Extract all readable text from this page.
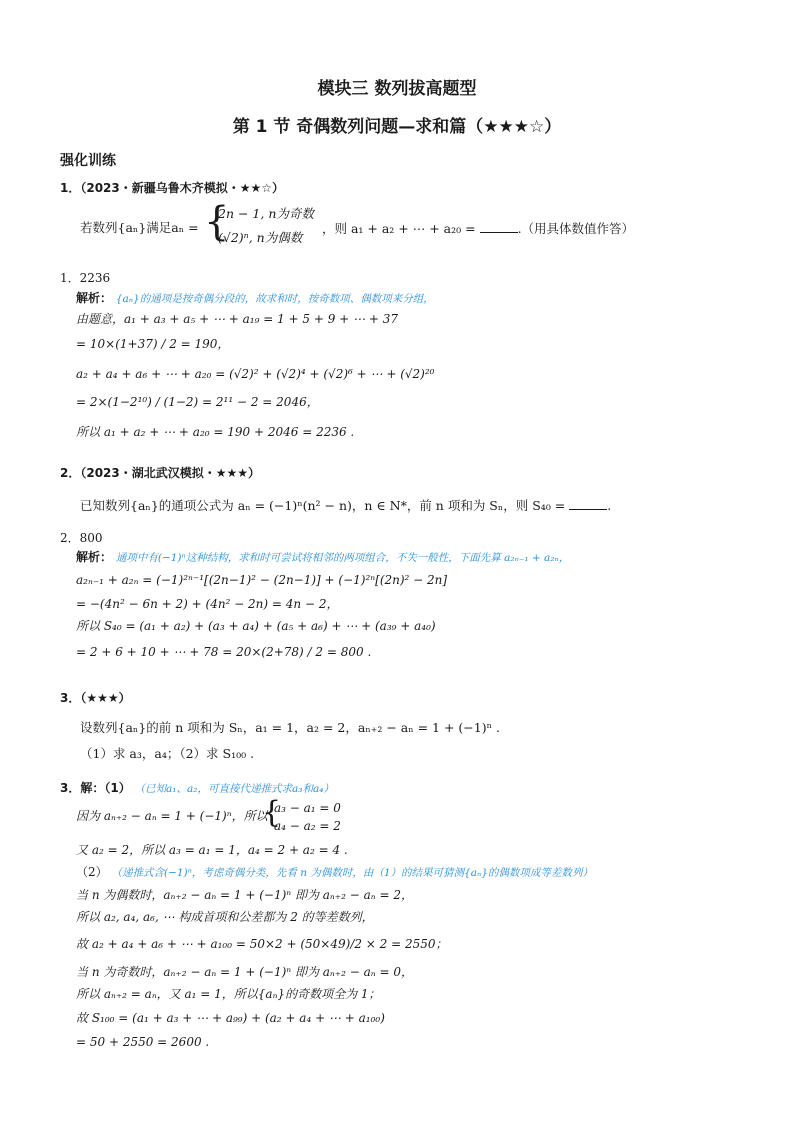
模块三 数列拔高题型
第 1 节 奇偶数列问题—求和篇（★★★☆）
强化训练
1．（2023・新疆乌鲁木齐模拟・★★☆）
若数列{aₙ}满足aₙ = {
2n − 1, n为奇数
(√2)ⁿ, n为偶数
，则 a₁ + a₂ + ⋯ + a₂₀ =	.（用具体数值作答）
1．2236
解析： {aₙ}的通项是按奇偶分段的，故求和时，按奇数项、偶数项来分组，
由题意，a₁ + a₃ + a₅ + ⋯ + a₁₉ = 1 + 5 + 9 + ⋯ + 37
= 10×(1+37) / 2 = 190，
a₂ + a₄ + a₆ + ⋯ + a₂₀ = (√2)² + (√2)⁴ + (√2)⁶ + ⋯ + (√2)²⁰
= 2×(1−2¹⁰) / (1−2) = 2¹¹ − 2 = 2046，
所以 a₁ + a₂ + ⋯ + a₂₀ = 190 + 2046 = 2236 .
2．（2023・湖北武汉模拟・★★★）
已知数列{aₙ}的通项公式为 aₙ = (−1)ⁿ(n² − n)，n ∈ N*，前 n 项和为 Sₙ，则 S₄₀ =	.
2．800
解析： 通项中有(−1)ⁿ这种结构，求和时可尝试将相邻的两项组合，不失一般性，下面先算 a₂ₙ₋₁ + a₂ₙ，
a₂ₙ₋₁ + a₂ₙ = (−1)²ⁿ⁻¹[(2n−1)² − (2n−1)] + (−1)²ⁿ[(2n)² − 2n]
= −(4n² − 6n + 2) + (4n² − 2n) = 4n − 2，
所以 S₄₀ = (a₁ + a₂) + (a₃ + a₄) + (a₅ + a₆) + ⋯ + (a₃₉ + a₄₀)
= 2 + 6 + 10 + ⋯ + 78 = 20×(2+78) / 2 = 800 .
3．（★★★）
设数列{aₙ}的前 n 项和为 Sₙ，a₁ = 1，a₂ = 2，aₙ₊₂ − aₙ = 1 + (−1)ⁿ .
（1）求 a₃，a₄；（2）求 S₁₀₀ .
3．解：（1） （已知a₁、a₂，可直接代递推式求a₃和a₄）
因为 aₙ₊₂ − aₙ = 1 + (−1)ⁿ，所以
{
a₃ − a₁ = 0
a₄ − a₂ = 2
又 a₂ = 2，所以 a₃ = a₁ = 1，a₄ = 2 + a₂ = 4 .
（2） （递推式含(−1)ⁿ，考虑奇偶分类，先看 n 为偶数时，由（1）的结果可猜测{aₙ}的偶数项成等差数列）
当 n 为偶数时，aₙ₊₂ − aₙ = 1 + (−1)ⁿ 即为 aₙ₊₂ − aₙ = 2，
所以 a₂, a₄, a₆, ⋯ 构成首项和公差都为 2 的等差数列，
故 a₂ + a₄ + a₆ + ⋯ + a₁₀₀ = 50×2 + (50×49)/2 × 2 = 2550；
当 n 为奇数时，aₙ₊₂ − aₙ = 1 + (−1)ⁿ 即为 aₙ₊₂ − aₙ = 0，
所以 aₙ₊₂ = aₙ，又 a₁ = 1，所以{aₙ}的奇数项全为 1；
故 S₁₀₀ = (a₁ + a₃ + ⋯ + a₉₉) + (a₂ + a₄ + ⋯ + a₁₀₀)
= 50 + 2550 = 2600 .
